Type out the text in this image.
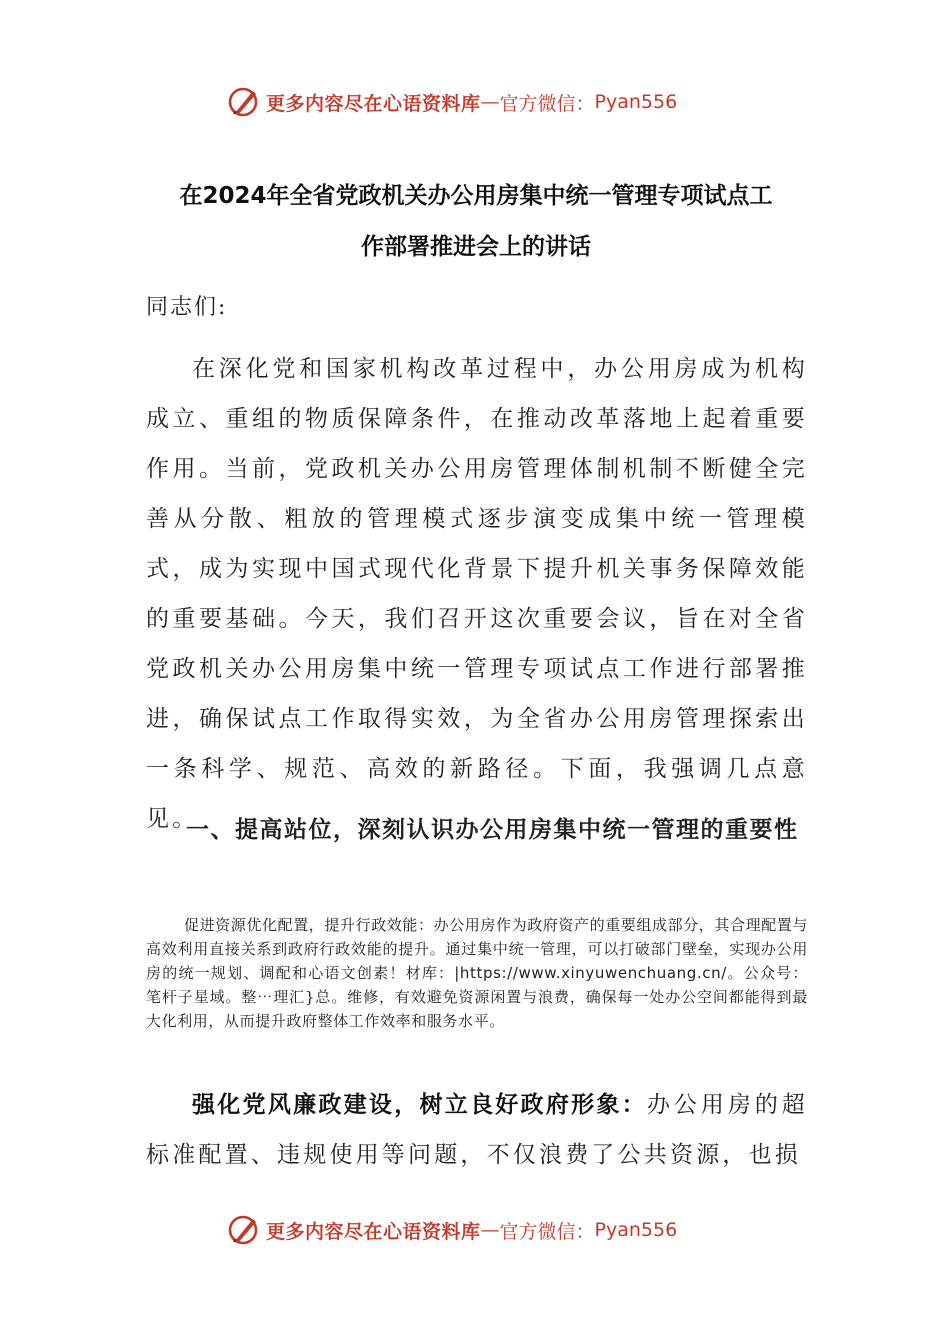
更多内容尽在心语资料库 — 官方微信： Pyan556
在2024年全省党政机关办公用房集中统一管理专项试点工
作部署推进会上的讲话
同志们:

在深化党和国家机构改革过程中，办公用房成为机构成立、重组的物质保障条件，在推动改革落地上起着重要作用。当前，党政机关办公用房管理体制机制不断健全完善从分散、粗放的管理模式逐步演变成集中统一管理模式，成为实现中国式现代化背景下提升机关事务保障效能的重要基础。今天，我们召开这次重要会议，旨在对全省党政机关办公用房集中统一管理专项试点工作进行部署推进，确保试点工作取得实效，为全省办公用房管理探索出一条科学、规范、高效的新路径。下面，我强调几点意见。

一、提高站位，深刻认识办公用房集中统一管理的重要性

促进资源优化配置，提升行政效能：办公用房作为政府资产的重要组成部分，其合理配置与高效利用直接关系到政府行政效能的提升。通过集中统一管理，可以打破部门壁垒，实现办公用房的统一规划、调配和心语文创素！材库：|https://www.xinyuwenchuang.cn/。公众号：笔杆子星域。整⋯理汇}总。维修，有效避免资源闲置与浪费，确保每一处办公空间都能得到最大化利用，从而提升政府整体工作效率和服务水平。

强化党风廉政建设，树立良好政府形象：办公用房的超标准配置、违规使用等问题，不仅浪费了公共资源，也损

更多内容尽在心语资料库 — 官方微信： Pyan556
